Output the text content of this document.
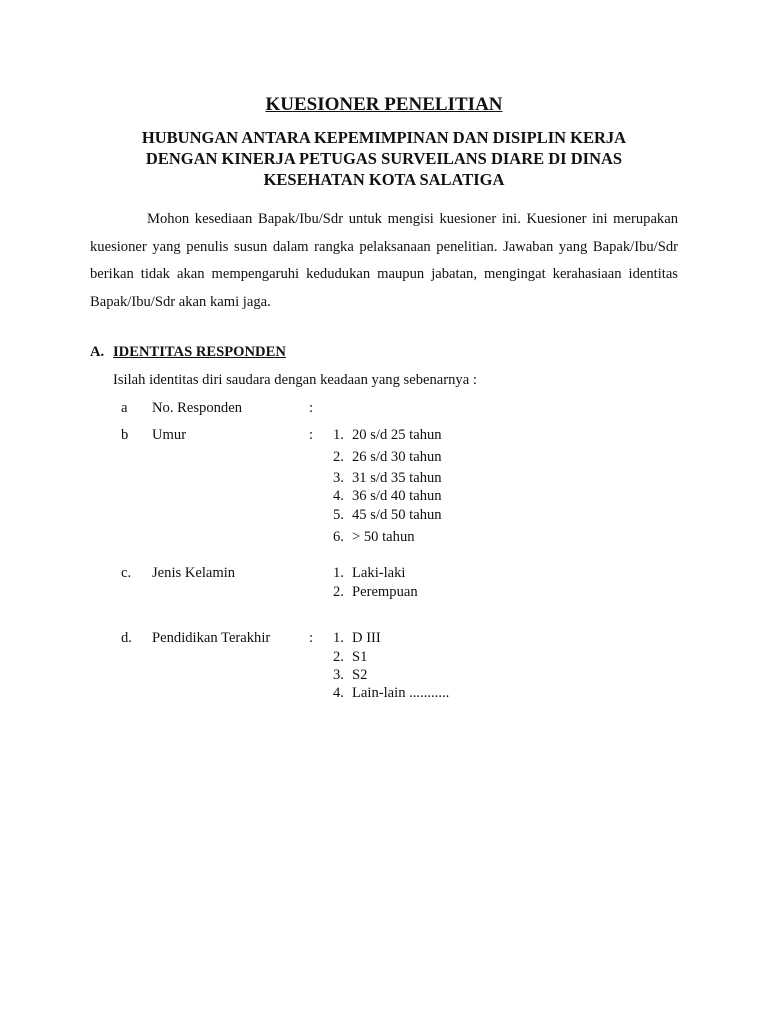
KUESIONER PENELITIAN
HUBUNGAN ANTARA KEPEMIMPINAN DAN DISIPLIN KERJA
DENGAN KINERJA PETUGAS SURVEILANS DIARE DI DINAS
KESEHATAN KOTA SALATIGA
Mohon kesediaan Bapak/Ibu/Sdr untuk mengisi kuesioner ini. Kuesioner ini merupakan kuesioner yang penulis susun dalam rangka pelaksanaan penelitian. Jawaban yang Bapak/Ibu/Sdr berikan tidak akan mempengaruhi kedudukan maupun jabatan, mengingat kerahasiaan identitas Bapak/Ibu/Sdr akan kami jaga.
A. IDENTITAS RESPONDEN
Isilah identitas diri saudara dengan keadaan yang sebenarnya :
a No. Responden	:
b Umur	: 1. 20 s/d 25 tahun
2. 26 s/d 30 tahun
3. 31 s/d 35 tahun
4. 36 s/d 40 tahun
5. 45 s/d 50 tahun
6. > 50 tahun
c. Jenis Kelamin	1. Laki-laki
2. Perempuan
d. Pendidikan Terakhir	: 1. D III
2. S1
3. S2
4. Lain-lain ...........
